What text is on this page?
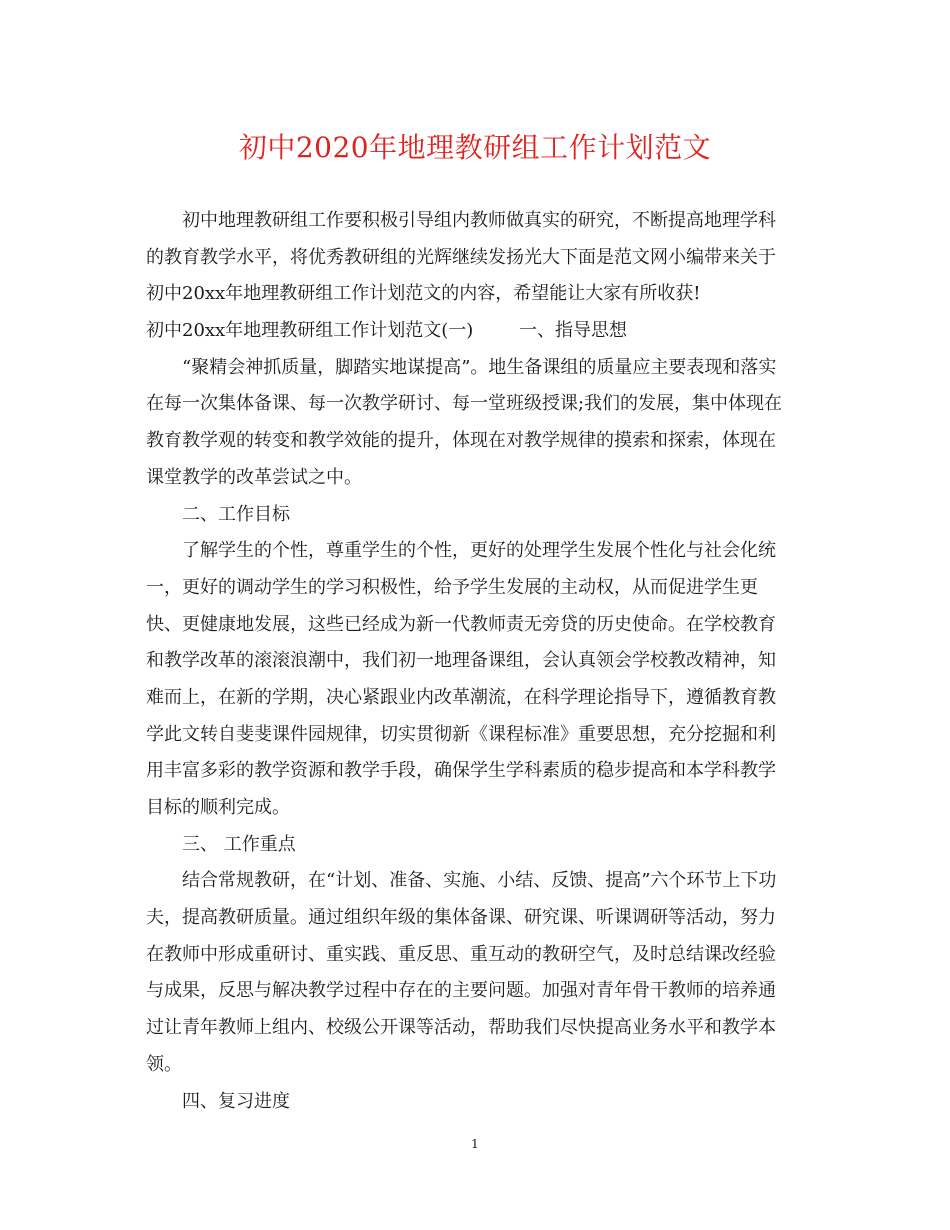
初中2020年地理教研组工作计划范文
初中地理教研组工作要积极引导组内教师做真实的研究，不断提高地理学科
的教育教学水平，将优秀教研组的光辉继续发扬光大下面是范文网小编带来关于
初中20xx年地理教研组工作计划范文的内容，希望能让大家有所收获!
初中20xx年地理教研组工作计划范文(一)        一、指导思想
“聚精会神抓质量，脚踏实地谋提高”。地生备课组的质量应主要表现和落实
在每一次集体备课、每一次教学研讨、每一堂班级授课;我们的发展，集中体现在
教育教学观的转变和教学效能的提升，体现在对教学规律的摸索和探索，体现在
课堂教学的改革尝试之中。
二、工作目标
了解学生的个性，尊重学生的个性，更好的处理学生发展个性化与社会化统
一，更好的调动学生的学习积极性，给予学生发展的主动权，从而促进学生更
快、更健康地发展，这些已经成为新一代教师责无旁贷的历史使命。在学校教育
和教学改革的滚滚浪潮中，我们初一地理备课组，会认真领会学校教改精神，知
难而上，在新的学期，决心紧跟业内改革潮流，在科学理论指导下，遵循教育教
学此文转自斐斐课件园规律，切实贯彻新《课程标准》重要思想，充分挖掘和利
用丰富多彩的教学资源和教学手段，确保学生学科素质的稳步提高和本学科教学
目标的顺利完成。
三、 工作重点
结合常规教研，在“计划、准备、实施、小结、反馈、提高”六个环节上下功
夫，提高教研质量。通过组织年级的集体备课、研究课、听课调研等活动，努力
在教师中形成重研讨、重实践、重反思、重互动的教研空气，及时总结课改经验
与成果，反思与解决教学过程中存在的主要问题。加强对青年骨干教师的培养通
过让青年教师上组内、校级公开课等活动，帮助我们尽快提高业务水平和教学本
领。
四、复习进度
1
